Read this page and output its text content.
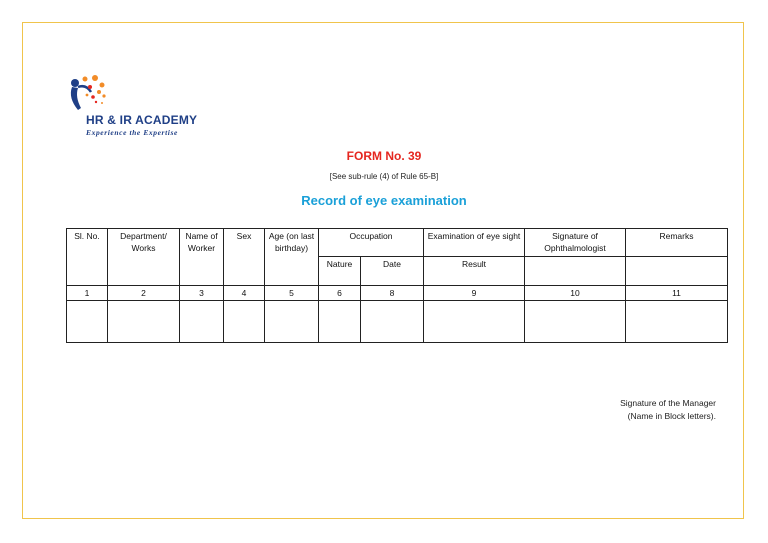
HR & IR ACADEMY
Experience the Expertise
FORM No. 39
[See sub-rule (4) of Rule 65-B]
Record of eye examination
Sl. No.	Department/ Works	Name of Worker	Sex	Age (on last birthday)	Occupation		Examination of eye sight	Signature of Ophthalmologist	Remarks
					Nature	Date	Result		
1	2	3	4	5	6	8	9	10	11

Signature of the Manager
(Name in Block letters).
